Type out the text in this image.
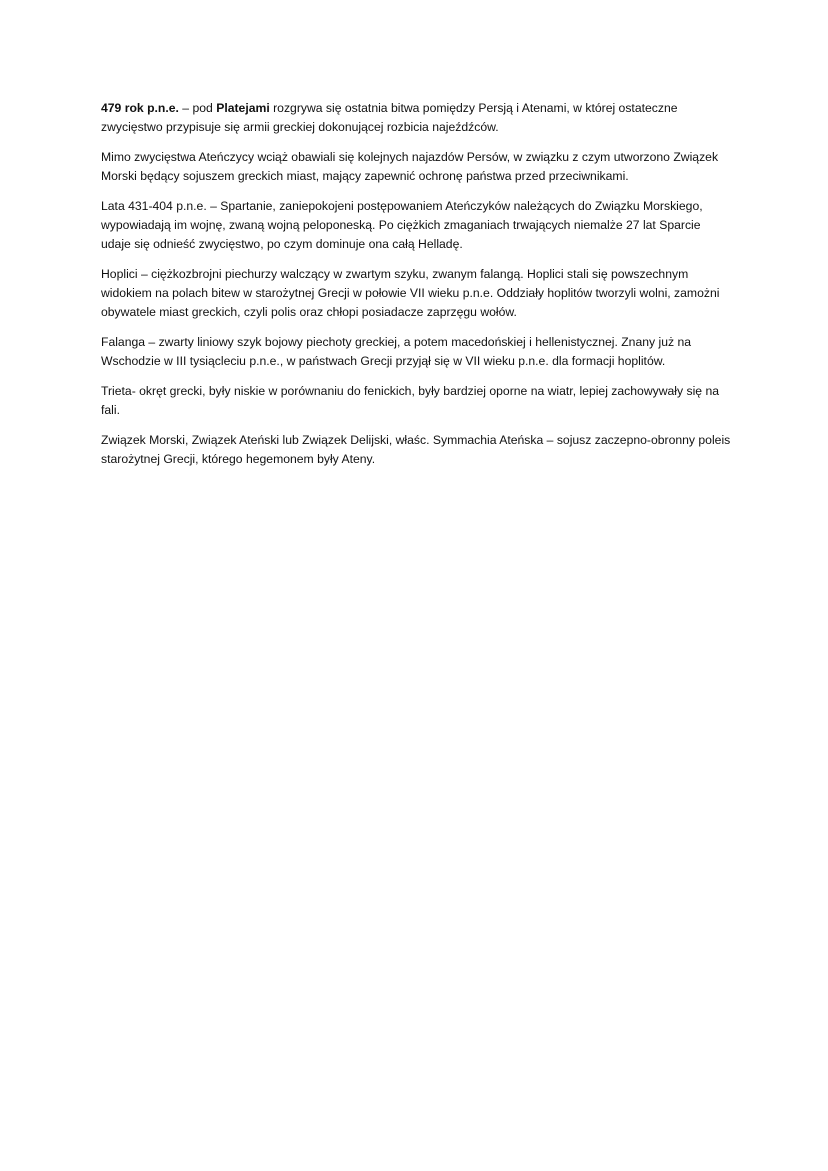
479 rok p.n.e. – pod Platejami rozgrywa się ostatnia bitwa pomiędzy Persją i Atenami, w której ostateczne zwycięstwo przypisuje się armii greckiej dokonującej rozbicia najeźdźców.

Mimo zwycięstwa Ateńczycy wciąż obawiali się kolejnych najazdów Persów, w związku z czym utworzono Związek Morski będący sojuszem greckich miast, mający zapewnić ochronę państwa przed przeciwnikami.

Lata 431-404 p.n.e. – Spartanie, zaniepokojeni postępowaniem Ateńczyków należących do Związku Morskiego, wypowiadają im wojnę, zwaną wojną peloponeską. Po ciężkich zmaganiach trwających niemalże 27 lat Sparcie udaje się odnieść zwycięstwo, po czym dominuje ona całą Helladę.

Hoplici – ciężkozbrojni piechurzy walczący w zwartym szyku, zwanym falangą. Hoplici stali się powszechnym widokiem na polach bitew w starożytnej Grecji w połowie VII wieku p.n.e. Oddziały hoplitów tworzyli wolni, zamożni obywatele miast greckich, czyli polis oraz chłopi posiadacze zaprzęgu wołów.

Falanga – zwarty liniowy szyk bojowy piechoty greckiej, a potem macedońskiej i hellenistycznej. Znany już na Wschodzie w III tysiącleciu p.n.e., w państwach Grecji przyjął się w VII wieku p.n.e. dla formacji hoplitów.

Trieta- okręt grecki, były niskie w porównaniu do fenickich, były bardziej oporne na wiatr, lepiej zachowywały się na fali.

Związek Morski, Związek Ateński lub Związek Delijski, właśc. Symmachia Ateńska – sojusz zaczepno-obronny poleis starożytnej Grecji, którego hegemonem były Ateny.
